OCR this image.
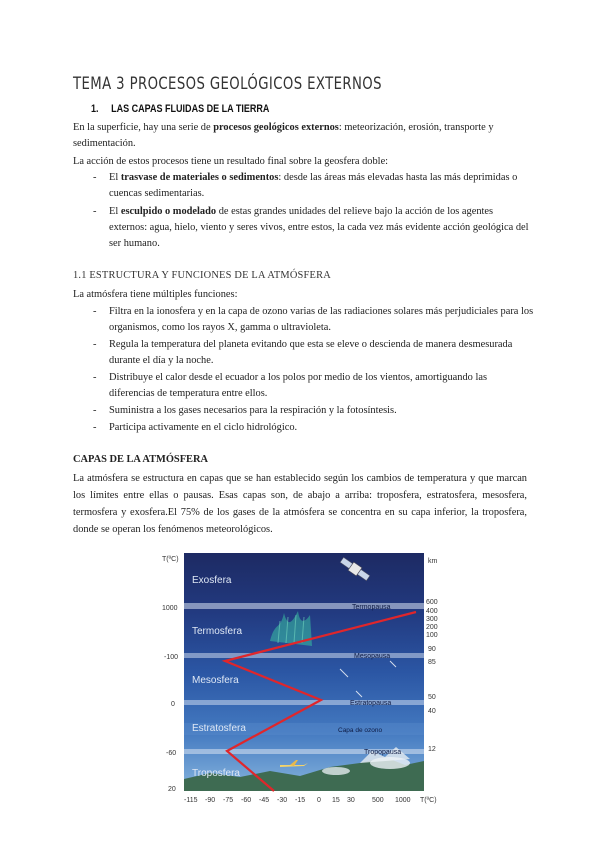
TEMA 3 PROCESOS GEOLÓGICOS EXTERNOS
1. LAS CAPAS FLUIDAS DE LA TIERRA
En la superficie, hay una serie de procesos geológicos externos: meteorización, erosión, transporte y
sedimentación.
La acción de estos procesos tiene un resultado final sobre la geosfera doble:
- El trasvase de materiales o sedimentos: desde las áreas más elevadas hasta las más deprimidas o
cuencas sedimentarias.
- El esculpido o modelado de estas grandes unidades del relieve bajo la acción de los agentes
externos: agua, hielo, viento y seres vivos, entre estos, la cada vez más evidente acción geológica del
ser humano.
1.1 ESTRUCTURA Y FUNCIONES DE LA ATMÓSFERA
La atmósfera tiene múltiples funciones:
- Filtra en la ionosfera y en la capa de ozono varias de las radiaciones solares más perjudiciales para los
organismos, como los rayos X, gamma o ultravioleta.
- Regula la temperatura del planeta evitando que esta se eleve o descienda de manera desmesurada
durante el día y la noche.
- Distribuye el calor desde el ecuador a los polos por medio de los vientos, amortiguando las
diferencias de temperatura entre ellos.
- Suministra a los gases necesarios para la respiración y la fotosíntesis.
- Participa activamente en el ciclo hidrológico.
CAPAS DE LA ATMÓSFERA
La atmósfera se estructura en capas que se han establecido según los cambios de temperatura y que marcan los límites entre ellas o pausas. Esas capas son, de abajo a arriba: troposfera, estratosfera, mesosfera, termosfera y exosfera.El 75% de los gases de la atmósfera se concentra en su capa inferior, la troposfera, donde se operan los fenómenos meteorológicos.
Exosfera
Termosfera
Mesosfera
Estratosfera
Troposfera
Termopausa
Mesopausa
Estratopausa
Tropopausa
Capa de ozono
T(ºC)	km
1000
-100
0
-60
20
600
400
300
200
100
90
85
50
40
12
-115 -90 -75 -60 -45 -30 -15 0 15 30 500 1000 T(ºC)
